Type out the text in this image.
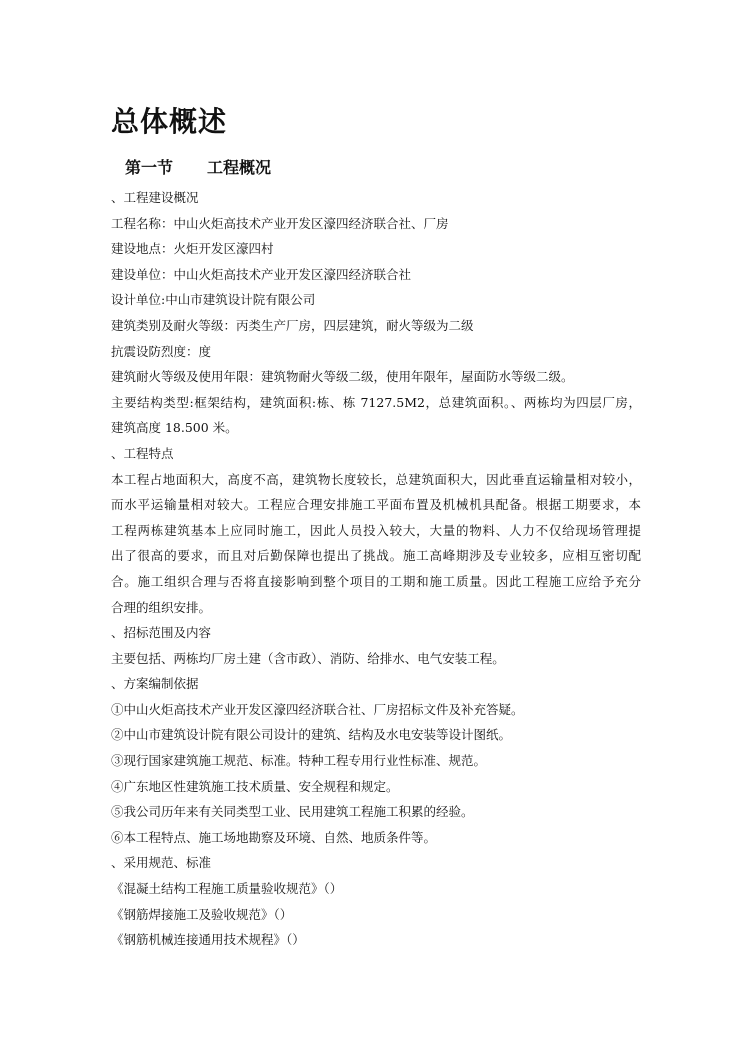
总体概述
第一节 工程概况

、工程建设概况

工程名称：中山火炬高技术产业开发区濠四经济联合社、厂房

建设地点：火炬开发区濠四村

建设单位：中山火炬高技术产业开发区濠四经济联合社

设计单位:中山市建筑设计院有限公司

建筑类别及耐火等级：丙类生产厂房，四层建筑，耐火等级为二级

抗震设防烈度：度

建筑耐火等级及使用年限：建筑物耐火等级二级，使用年限年，屋面防水等级二级。

主要结构类型:框架结构，建筑面积:栋、栋 7127.5M2，总建筑面积。、两栋均为四层厂房，

建筑高度 18.500 米。

、工程特点

本工程占地面积大，高度不高，建筑物长度较长，总建筑面积大，因此垂直运输量相对较小，

而水平运输量相对较大。工程应合理安排施工平面布置及机械机具配备。根据工期要求，本

工程两栋建筑基本上应同时施工，因此人员投入较大，大量的物料、人力不仅给现场管理提

出了很高的要求，而且对后勤保障也提出了挑战。施工高峰期涉及专业较多，应相互密切配

合。施工组织合理与否将直接影响到整个项目的工期和施工质量。因此工程施工应给予充分

合理的组织安排。

、招标范围及内容

主要包括、两栋均厂房土建（含市政）、消防、给排水、电气安装工程。

、方案编制依据

①中山火炬高技术产业开发区濠四经济联合社、厂房招标文件及补充答疑。

②中山市建筑设计院有限公司设计的建筑、结构及水电安装等设计图纸。

③现行国家建筑施工规范、标准。特种工程专用行业性标准、规范。

④广东地区性建筑施工技术质量、安全规程和规定。

⑤我公司历年来有关同类型工业、民用建筑工程施工积累的经验。

⑥本工程特点、施工场地勘察及环境、自然、地质条件等。

、采用规范、标准

《混凝土结构工程施工质量验收规范》（）

《钢筋焊接施工及验收规范》（）

《钢筋机械连接通用技术规程》（）
